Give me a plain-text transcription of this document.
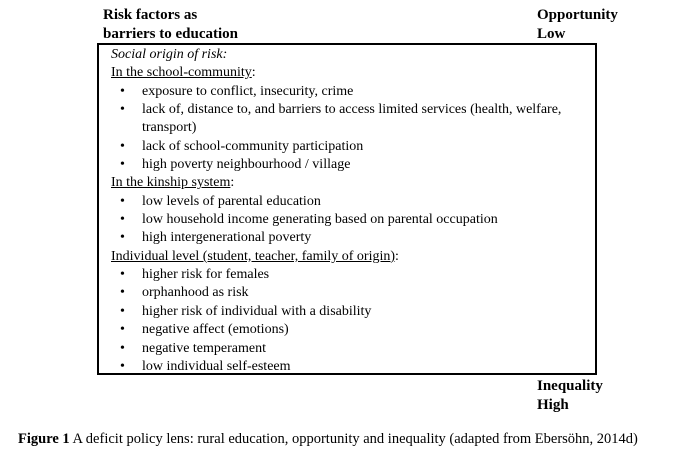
Risk factors as
barriers to education
Opportunity
Low
Social origin of risk:
In the school-community:
• exposure to conflict, insecurity, crime
• lack of, distance to, and barriers to access limited services (health, welfare, transport)
• lack of school-community participation
• high poverty neighbourhood / village
In the kinship system:
• low levels of parental education
• low household income generating based on parental occupation
• high intergenerational poverty
Individual level (student, teacher, family of origin):
• higher risk for females
• orphanhood as risk
• higher risk of individual with a disability
• negative affect (emotions)
• negative temperament
• low individual self-esteem
Inequality
High
Figure 1 A deficit policy lens: rural education, opportunity and inequality (adapted from Ebersöhn, 2014d)
